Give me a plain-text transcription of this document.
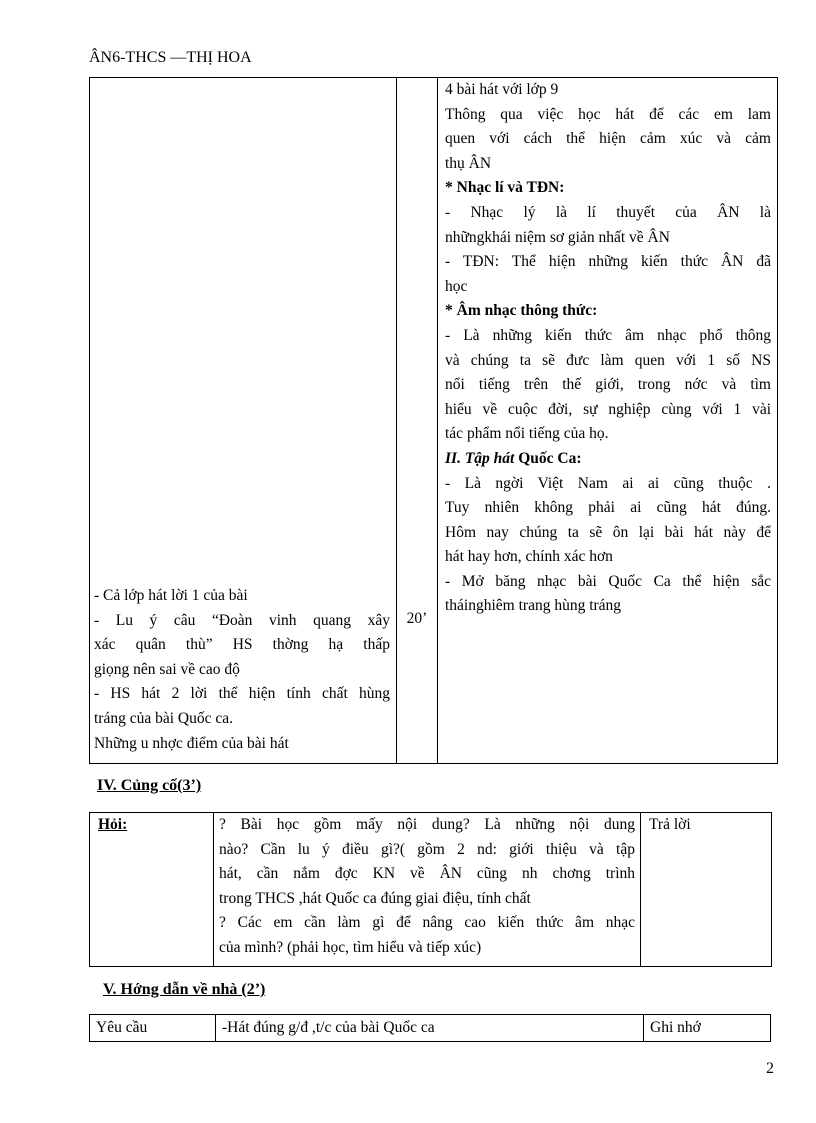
ÂN6-THCS —THỊ HOA
- Cả lớp hát lời 1 của bài
- Lu ý câu “Đoàn vinh quang xây
xác quân thù” HS thờng hạ thấp
giọng nên sai về cao độ
- HS hát 2 lời thể hiện tính chất hùng
tráng của bài Quốc ca.
Những u nhợc điểm của bài hát

20’

4 bài hát với lớp 9
Thông qua việc học hát để các em lam
quen với cách thể hiện cảm xúc và cảm
thụ ÂN
* Nhạc lí và TĐN:
- Nhạc lý là lí thuyết của ÂN là
nhữngkhái niệm sơ giản nhất về ÂN
- TĐN: Thể hiện những kiến thức ÂN đã
học
* Âm nhạc thông thức:
- Là những kiến thức âm nhạc phổ thông
và chúng ta sẽ đưc làm quen với 1 số NS
nổi tiếng trên thế giới, trong nớc và tìm
hiểu về cuộc đời, sự nghiệp cùng với 1 vài
tác phẩm nổi tiếng của họ.
II. Tập hát Quốc Ca:
- Là ngời Việt Nam ai ai cũng thuộc .
Tuy nhiên không phải ai cũng hát đúng.
Hôm nay chúng ta sẽ ôn lại bài hát này để
hát hay hơn, chính xác hơn
- Mở băng nhạc bài Quốc Ca thể hiện sắc
tháinghiêm trang hùng tráng
IV. Củng cố(3’)
Hỏi:	? Bài học gồm mấy nội dung? Là những nội dung
nào? Cần lu ý điều gì?( gồm 2 nd: giới thiệu và tập
hát, cần nắm đợc KN về ÂN cũng nh chơng trình
trong THCS ,hát Quốc ca đúng giai điệu, tính chất
? Các em cần làm gì để nâng cao kiến thức âm nhạc
của mình? (phải học, tìm hiểu và tiếp xúc)
	Trả lời
V. Hớng dẫn về nhà (2’)
Yêu cầu	-Hát đúng g/đ ,t/c của bài Quốc ca	Ghi nhớ
2
